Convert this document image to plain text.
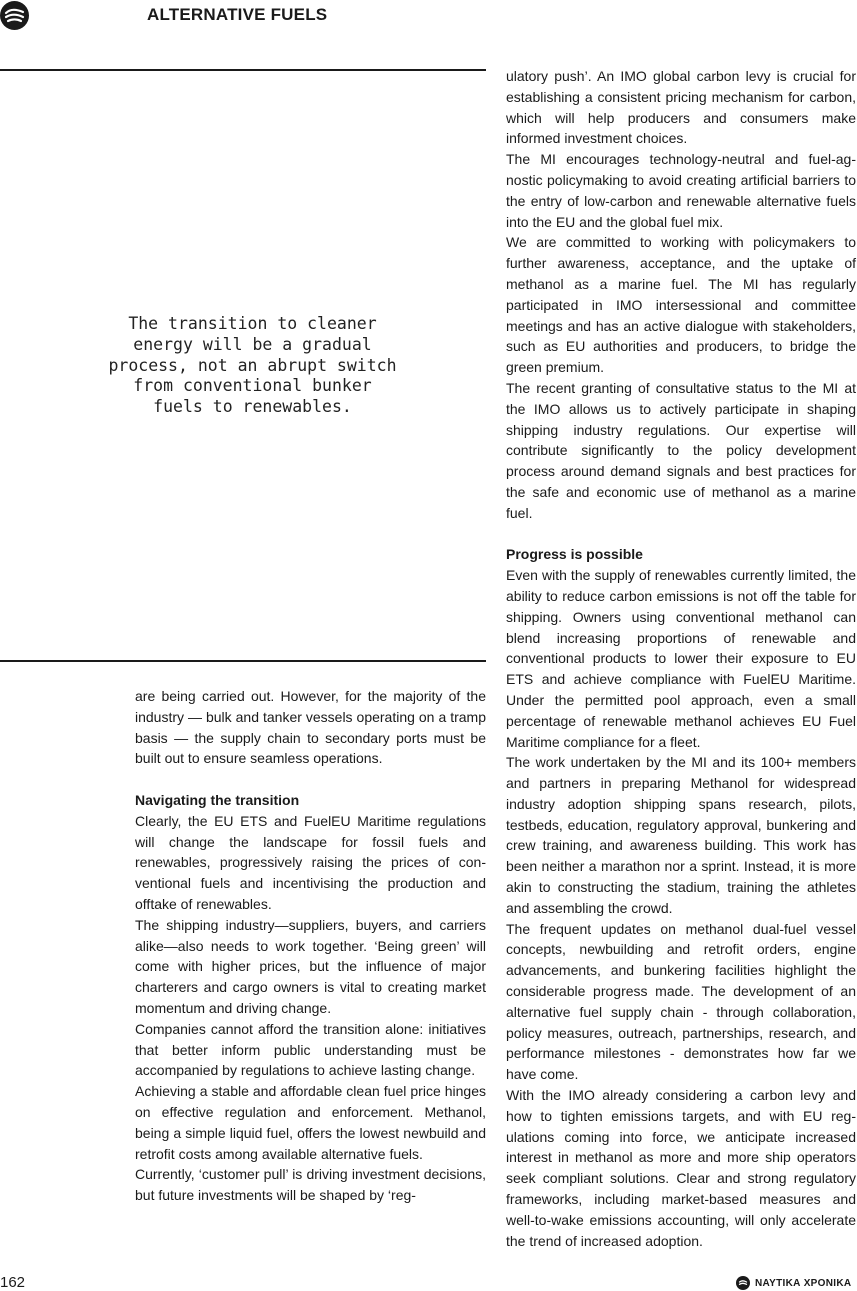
ALTERNATIVE FUELS
The transition to cleaner
energy will be a gradual
process, not an abrupt switch
from conventional bunker
fuels to renewables.

are being carried out. However, for the majority of the industry — bulk and tanker vessels operating on a tramp basis — the supply chain to secondary ports must be built out to ensure seamless operations.

Navigating the transition

Clearly, the EU ETS and FuelEU Maritime regulations will change the landscape for fossil fuels and renewables, progressively raising the prices of conventional fuels and incentivising the production and offtake of renewables.

The shipping industry—suppliers, buyers, and carriers alike—also needs to work together. ‘Being green’ will come with higher prices, but the influence of major charterers and cargo owners is vital to creating market momentum and driving change.

Companies cannot afford the transition alone: initiatives that better inform public understanding must be accompanied by regulations to achieve lasting change.

Achieving a stable and affordable clean fuel price hinges on effective regulation and enforcement. Methanol, being a simple liquid fuel, offers the lowest newbuild and retrofit costs among available alternative fuels.

Currently, ‘customer pull’ is driving investment decisions, but future investments will be shaped by ‘reg-

ulatory push’. An IMO global carbon levy is crucial for establishing a consistent pricing mechanism for carbon, which will help producers and consumers make informed investment choices.

The MI encourages technology-neutral and fuel-agnostic policymaking to avoid creating artificial barriers to the entry of low-carbon and renewable alternative fuels into the EU and the global fuel mix.

We are committed to working with policymakers to further awareness, acceptance, and the uptake of methanol as a marine fuel. The MI has regularly participated in IMO intersessional and committee meetings and has an active dialogue with stakeholders, such as EU authorities and producers, to bridge the green premium.

The recent granting of consultative status to the MI at the IMO allows us to actively participate in shaping shipping industry regulations. Our expertise will contribute significantly to the policy development process around demand signals and best practices for the safe and economic use of methanol as a marine fuel.

Progress is possible

Even with the supply of renewables currently limited, the ability to reduce carbon emissions is not off the table for shipping. Owners using conventional methanol can blend increasing proportions of renewable and conventional products to lower their exposure to EU ETS and achieve compliance with FuelEU Maritime. Under the permitted pool approach, even a small percentage of renewable methanol achieves EU Fuel Maritime compliance for a fleet.

The work undertaken by the MI and its 100+ members and partners in preparing Methanol for widespread industry adoption shipping spans research, pilots, testbeds, education, regulatory approval, bunkering and crew training, and awareness building. This work has been neither a marathon nor a sprint. Instead, it is more akin to constructing the stadium, training the athletes and assembling the crowd.

The frequent updates on methanol dual-fuel vessel concepts, newbuilding and retrofit orders, engine advancements, and bunkering facilities highlight the considerable progress made. The development of an alternative fuel supply chain - through collaboration, policy measures, outreach, partnerships, research, and performance milestones - demonstrates how far we have come.

With the IMO already considering a carbon levy and how to tighten emissions targets, and with EU regulations coming into force, we anticipate increased interest in methanol as more and more ship operators seek compliant solutions. Clear and strong regulatory frameworks, including market-based measures and well-to-wake emissions accounting, will only accelerate the trend of increased adoption.

162	ΝΑΥΤΙΚΑ ΧΡΟΝΙΚΑ
